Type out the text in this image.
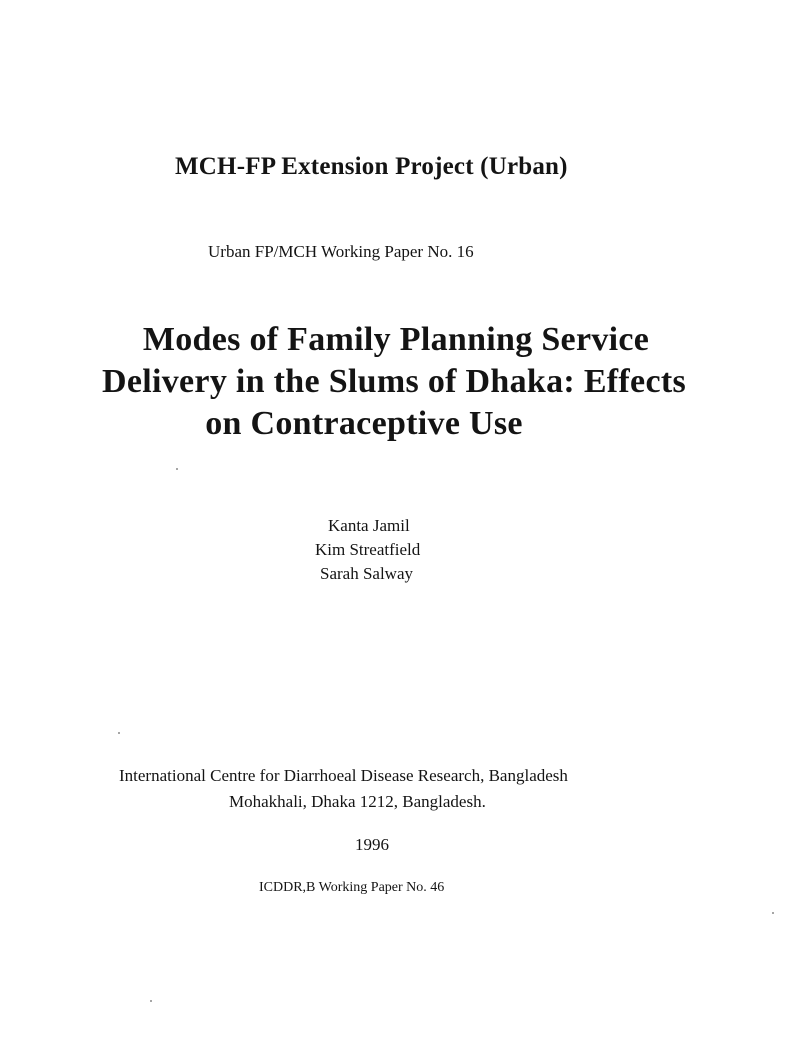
MCH-FP Extension Project (Urban)

Urban FP/MCH Working Paper No. 16

Modes of Family Planning Service

Delivery in the Slums of Dhaka: Effects

on Contraceptive Use

Kanta Jamil

Kim Streatfield

Sarah Salway

International Centre for Diarrhoeal Disease Research, Bangladesh

Mohakhali, Dhaka 1212, Bangladesh.

1996

ICDDR,B Working Paper No. 46
